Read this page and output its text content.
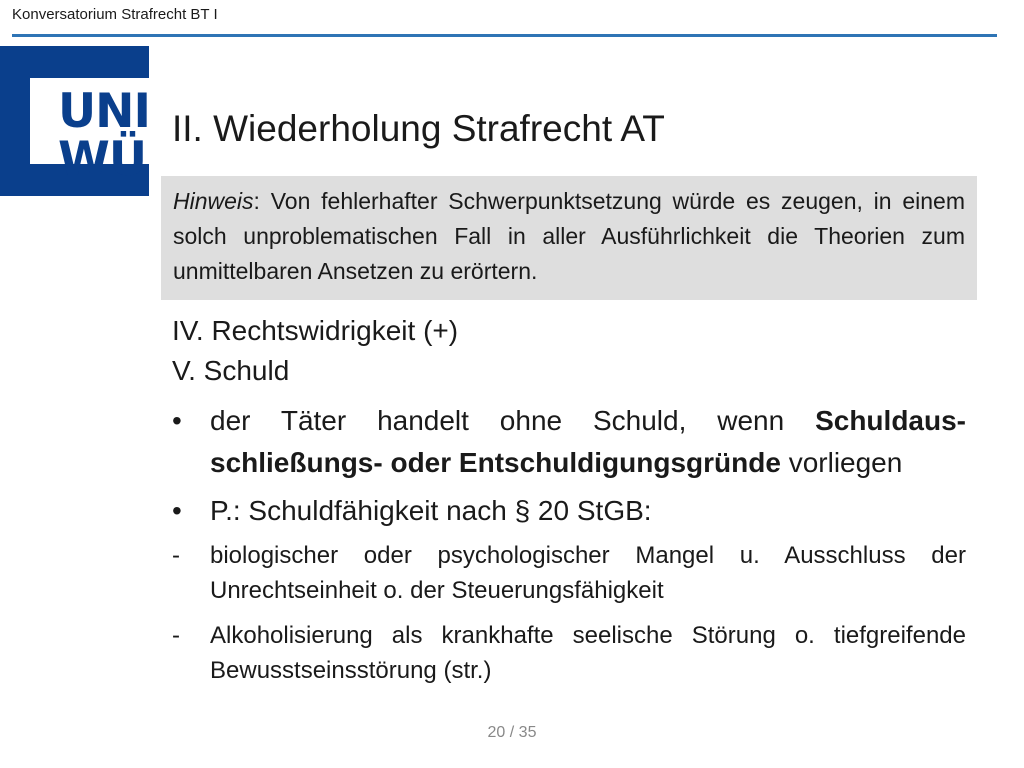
Konversatorium Strafrecht BT I
UNI
WÜ
II. Wiederholung Strafrecht AT
Hinweis: Von fehlerhafter Schwerpunktsetzung würde es zeugen, in einem solch unproblematischen Fall in aller Ausführlichkeit die Theorien zum unmittelbaren Ansetzen zu erörtern.
IV. Rechtswidrigkeit (+)
V. Schuld
• der Täter handelt ohne Schuld, wenn Schuldaus-schließungs- oder Entschuldigungsgründe vorliegen
• P.: Schuldfähigkeit nach § 20 StGB:
- biologischer oder psychologischer Mangel u. Ausschluss der Unrechtseinheit o. der Steuerungsfähigkeit
- Alkoholisierung als krankhafte seelische Störung o. tiefgreifende Bewusstseinsstörung (str.)
20 / 35
